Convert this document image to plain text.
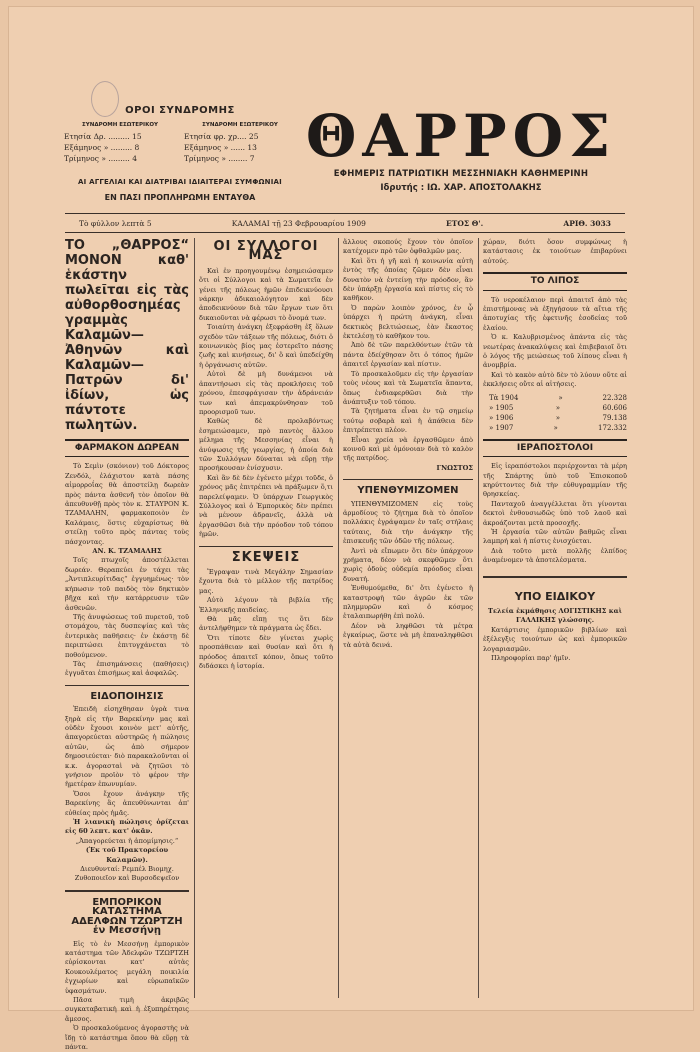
ΟΡΟΙ ΣΥΝΔΡΟΜΗΣ
ΣΥΝΔΡΟΜΗ ΕΣΩΤΕΡΙΚΟΥ
Ετησία Δρ. ......... 15
Εξάμηνος » ......... 8
Τρίμηνος » ......... 4
ΣΥΝΔΡΟΜΗ ΕΞΩΤΕΡΙΚΟΥ
Ετησία φρ. χρ.... 25
Εξάμηνος » ...... 13
Τρίμηνος » ........ 7
ΑΙ ΑΓΓΕΛΙΑΙ ΚΑΙ ΔΙΑΤΡΙΒΑΙ ΙΔΙΑΙΤΕΡΑΙ ΣΥΜΦΩΝΙΑΙ
ΕΝ ΠΑΣΙ ΠΡΟΠΛΗΡΩΜΗ ΕΝΤΑΥΘΑ
ΘΑΡΡΟΣ
ΕΦΗΜΕΡΙΣ ΠΑΤΡΙΩΤΙΚΗ ΜΕΣΣΗΝΙΑΚΗ ΚΑΘΗΜΕΡΙΝΗ
Ιδρυτής : ΙΩ. ΧΑΡ. ΑΠΟΣΤΟΛΑΚΗΣ
Τὸ φύλλον λεπτὰ 5	ΚΑΛΑΜΑΙ τῇ 23 Φεβρουαρίου 1909	ΕΤΟΣ Θ'.	ΑΡΙΘ. 3033
ΤΟ „ΘΑΡΡΟΣ“ ΜΟΝΟΝ καθ' ἑκάστην πωλεῖται εἰς τὰς αὐθορθοσημέας γραμμὰς Καλαμῶν—Ἀθηνῶν καὶ Καλαμῶν—Πατρῶν δι' ἰδίων, ὡς πάντοτε πωλητῶν.
ΦΑΡΜΑΚΟΝ ΔΩΡΕΑΝ

Τὸ Σεμὶν (σκόνιον) τοῦ Δόκτορος Ζενδόλ, ἐλάχιστον κατὰ πάσης αἱμορροΐας θὰ ἀποστείλῃ δωρεὰν πρὸς πάντα ἀσθενῆ τὸν ὁποῖον θὰ ἀπευθυνθῇ πρὸς τὸν κ. ΣΤΑΥΡΟΝ Κ. ΤΖΑΜΑΛΗΝ, φαρμακοποιὸν ἐν Καλάμαις, ὅστις εὐχαρίστως θὰ στείλῃ τοῦτο πρὸς πάντας τοὺς πάσχοντας.

ΑΝ. Κ. ΤΖΑΜΑΛΗΣ

Τοῖς πτωχοῖς ἀποστέλλεται δωρεάν. Θεραπεύει ἐν τάχει τὰς „Ἀντιπλευρίτιδας“ ἐγγυημένως· τὸν κήπωσιν τοῦ παιδὸς τὸν δηκτικὸν βῆχα καὶ τὴν κατάρρευσιν τῶν ἀσθενῶν.

Τῆς ἀνυψώσεως τοῦ πυρετοῦ, τοῦ στομάχου, τὰς δυσπεψίας καὶ τὰς ἐντερικὰς παθήσεις· ἐν ἑκάστῃ δὲ περιπτώσει ἐπιτυγχάνεται τὸ ποθούμενον.

Τὰς ἐπισημάνσεις (παθήσεις) ἐγγυᾶται ἐπισήμως καὶ ἀσφαλῶς.

ΕΙΔΟΠΟΙΗΣΙΣ

Ἐπειδὴ εἰσηχθησαν ὑγρὰ τινα ξηρὰ εἰς τὴν Βαρεκίνην μας καὶ οὐδὲν ἔχουσι κοινὸν μετ' αὐτῆς, ἀπαγορεύεται αὐστηρῶς ἡ πώλησις αὐτῶν, ὡς ἀπὸ σήμερον δημοσιεύεται· διὸ παρακαλοῦνται οἱ κ.κ. ἀγορασταὶ νὰ ζητῶσι τὸ γνήσιον προϊὸν τὸ φέρον τὴν ἡμετέραν ἐπωνυμίαν.

Ὅσοι ἔχουν ἀνάγκην τῆς Βαρεκίνης ἂς ἀπευθύνωνται ἀπ' εὐθείας πρὸς ἡμᾶς.

Ἡ λιανικὴ πώλησις ὁρίζεται εἰς 60 λεπτ. κατ' ὀκᾶν.

„Ἀπαγορεύεται ἡ ἀπομίμησις.“

(Ἐκ τοῦ Πρακτορείου Καλαμῶν).

Διευθυνταί: Ρεμπέλ Βιομηχ. Ζυθοποιεῖον καὶ Βυρσοδεψεῖον

ΕΜΠΟΡΙΚΟΝ ΚΑΤΑΣΤΗΜΑ ΑΔΕΛΦΩΝ ΤΖΩΡΤΖΗ ἐν Μεσσήνῃ

Εἰς τὸ ἐν Μεσσήνῃ ἐμπορικὸν κατάστημα τῶν Ἀδελφῶν ΤΖΩΡΤΖΗ εὑρίσκονται κατ' αὐτὰς Κουκουλέματος μεγάλη ποικιλία ἐγχωρίων καὶ εὐρωπαϊκῶν ὑφασμάτων.

Πᾶσα τιμὴ ἀκριβῶς συγκαταβατικὴ καὶ ἡ ἐξυπηρέτησις ἄμεσος.

Ὁ προσκαλούμενος ἀγοραστὴς νὰ ἴδῃ τὸ κατάστημα ὅπου θὰ εὕρῃ τὰ πάντα.

ΟΙ ΣΥΛΛΟΓΟΙ ΜΑΣ

Καὶ ἐν προηγουμένῳ ἐσημειώσαμεν ὅτι οἱ Σύλλογοι καὶ τὰ Σωματεῖα ἐν γένει τῆς πόλεως ἡμῶν ἐπιδεικνύουσι νάρκην ἀδικαιολόγητον καὶ δὲν ἀποδεικνύουν διὰ τῶν ἔργων των ὅτι δικαιοῦνται νὰ φέρωσι τὸ ὄνομά των.

Τοιαύτη ἀνάγκη ἐξεφράσθη ἐξ ὅλων σχεδὸν τῶν τάξεων τῆς πόλεως, διότι ὁ κοινωνικὸς βίος μας ἐστερεῖτο πάσης ζωῆς καὶ κινήσεως, δι' ὃ καὶ ὑπεδείχθη ἡ ὀργάνωσις αὐτῶν.

Αὐτοὶ δὲ μὴ δυνάμενοι νὰ ἀπαντήσωσι εἰς τὰς προκλήσεις τοῦ χρόνου, ἐπεσφράγισαν τὴν ἀδράνειάν των καὶ ἀπεμακρύνθησαν τοῦ προορισμοῦ των.

Καθὼς δὲ προλαβόντως ἐσημειώσαμεν, πρὸ παντὸς ἄλλου μέλημα τῆς Μεσσηνίας εἶναι ἡ ἀνύψωσις τῆς γεωργίας, ἡ ὁποία διὰ τῶν Συλλόγων δύναται νὰ εὕρῃ τὴν προσήκουσαν ἐνίσχυσιν.

Καὶ ἂν δὲ δὲν ἐγένετο μέχρι τοῦδε, ὁ χρόνος μᾶς ἐπιτρέπει νὰ πράξωμεν ὅ,τι παρελείψαμεν. Ὁ ὑπάρχων Γεωργικὸς Σύλλογος καὶ ὁ Ἐμπορικὸς δὲν πρέπει νὰ μένουν ἀδρανεῖς, ἀλλὰ νὰ ἐργασθῶσι διὰ τὴν πρόοδον τοῦ τόπου ἡμῶν.

ΣΚΕΨΕΙΣ

Ἔγραψαν τινὰ Μεγάλην Σημασίαν ἔχοντα διὰ τὸ μέλλον τῆς πατρίδος μας.

Αὐτὸ λέγουν τὰ βιβλία τῆς Ἑλληνικῆς παιδείας.

Θὰ μᾶς εἴπῃ τις ὅτι δὲν ἀντελήφθημεν τὰ πράγματα ὡς ἔδει.

Ὅτι τίποτε δὲν γίνεται χωρὶς προσπάθειαν καὶ θυσίαν καὶ ὅτι ἡ πρόοδος ἀπαιτεῖ κόπον, ὅπως τοῦτο διδάσκει ἡ ἱστορία.

ἄλλους σκοπούς ἔχουν τὸν ὁποῖον κατέχομεν πρὸ τῶν ὀφθαλμῶν μας.

Καὶ ὅτι ἡ γῆ καὶ ἡ κοινωνία αὐτὴ ἐντὸς τῆς ὁποίας ζῶμεν δὲν εἶναι δυνατὸν νὰ ἐντείνῃ τὴν πρόοδον, ἂν δὲν ὑπάρξῃ ἐργασία καὶ πίστις εἰς τὸ καθῆκον.

Ὁ παρὼν λοιπὸν χρόνος, ἐν ᾧ ὑπάρχει ἡ πρώτη ἀνάγκη, εἶναι δεκτικὸς βελτιώσεως, ἐὰν ἕκαστος ἐκτελέσῃ τὸ καθῆκον του.

Ἀπὸ δὲ τῶν παρελθόντων ἐτῶν τὰ πάντα ἐδείχθησαν ὅτι ὁ τόπος ἡμῶν ἀπαιτεῖ ἐργασίαν καὶ πίστιν.

Τὸ προσκαλοῦμεν εἰς τὴν ἐργασίαν τοὺς νέους καὶ τὰ Σωματεῖα ἅπαντα, ὅπως ἐνδιαφερθῶσι διὰ τὴν ἀνάπτυξιν τοῦ τόπου.

Τὰ ζητήματα εἶναι ἐν τῷ σημείῳ τούτῳ σοβαρὰ καὶ ἡ ἀπάθεια δὲν ἐπιτρέπεται πλέον.

Εἶναι χρεία νὰ ἐργασθῶμεν ἀπὸ κοινοῦ καὶ μὲ ὁμόνοιαν διὰ τὸ καλὸν τῆς πατρίδος.

ΓΝΩΣΤΟΣ

ΥΠΕΝΘΥΜΙΖΟΜΕΝ

ΥΠΕΝΘΥΜΙΖΟΜΕΝ εἰς τοὺς ἁρμοδίους τὸ ζήτημα διὰ τὸ ὁποῖον πολλάκις ἐγράψαμεν ἐν ταῖς στήλαις ταύταις, διὰ τὴν ἀνάγκην τῆς ἐπισκευῆς τῶν ὁδῶν τῆς πόλεως.

Ἀντὶ νὰ εἴπωμεν ὅτι δὲν ὑπάρχουν χρήματα, δέον νὰ σκεφθῶμεν ὅτι χωρὶς ὁδοὺς οὐδεμία πρόοδος εἶναι δυνατή.

Ἐνθυμούμεθα, δι' ὅτι ἐγένετο ἡ καταστροφὴ τῶν ἀγρῶν ἐκ τῶν πλημμυρῶν καὶ ὁ κόσμος ἐταλαιπωρήθη ἐπὶ πολύ.

Δέον νὰ ληφθῶσι τὰ μέτρα ἐγκαίρως, ὥστε νὰ μὴ ἐπαναληφθῶσι τὰ αὐτὰ δεινά.

χώραν, διότι ὅσον συμφώνως ἡ κατάστασις ἐκ τοιούτων ἐπιβαρύνει αὐτούς.

ΤΟ ΛΙΠΟΣ

Τὸ νεροκέλαιον περὶ ἀπαιτεῖ ἀπὸ τὰς ἐπιστήμονας νὰ ἐξηγήσουν τὰ αἴτια τῆς ἀποτυχίας τῆς ἐφετινῆς ἐσοδείας τοῦ ἐλαίου.

Ὁ κ. Καλυβρισμένος ἀπάντα εἰς τὰς νεωτέρας ἀνακαλύψεις καὶ ἐπιβεβαιοῖ ὅτι ὁ λόγος τῆς μειώσεως τοῦ λίπους εἶναι ἡ ἀνομβρία.

Καὶ τὸ κακὸν αὐτὸ δὲν τὸ λύουν οὔτε αἱ ἐκκλήσεις οὔτε αἱ αἰτήσεις.

Τὰ 1904	»	22.328
» 1905	»	60.606
» 1906	»	79.138
» 1907	»	172.332
ΙΕΡΑΠΟΣΤΟΛΟΙ

Εἰς ἱεραπόστολοι περιέρχονται τὰ μέρη τῆς Σπάρτης ὑπὸ τοῦ Ἐπισκοποῦ κηρύττοντες διὰ τὴν εὐθυγραμμίαν τῆς θρησκείας.

Πανταχοῦ ἀναγγέλλεται ὅτι γίνονται δεκτοὶ ἐνθουσιωδῶς ὑπὸ τοῦ λαοῦ καὶ ἀκροάζονται μετὰ προσοχῆς.

Ἡ ἐργασία τῶν αὐτῶν βαθμῶς εἶναι λαμπρή καὶ ἡ πίστις ἐνισχύεται.

Διὰ τοῦτο μετὰ πολλῆς ἐλπίδος ἀναμένομεν τὰ ἀποτελέσματα.

ΥΠΟ ΕΙΔΙΚΟΥ

Τελεία ἐκμάθησις ΛΟΓΙΣΤΙΚΗΣ καὶ ΓΑΛΛΙΚΗΣ γλώσσης.

Κατάρτισις ἐμπορικῶν βιβλίων καὶ ἐξέλεγξις τοιούτων ὡς καὶ ἐμπορικῶν λογαριασμῶν.

Πληροφορίαι παρ' ἡμῖν.
